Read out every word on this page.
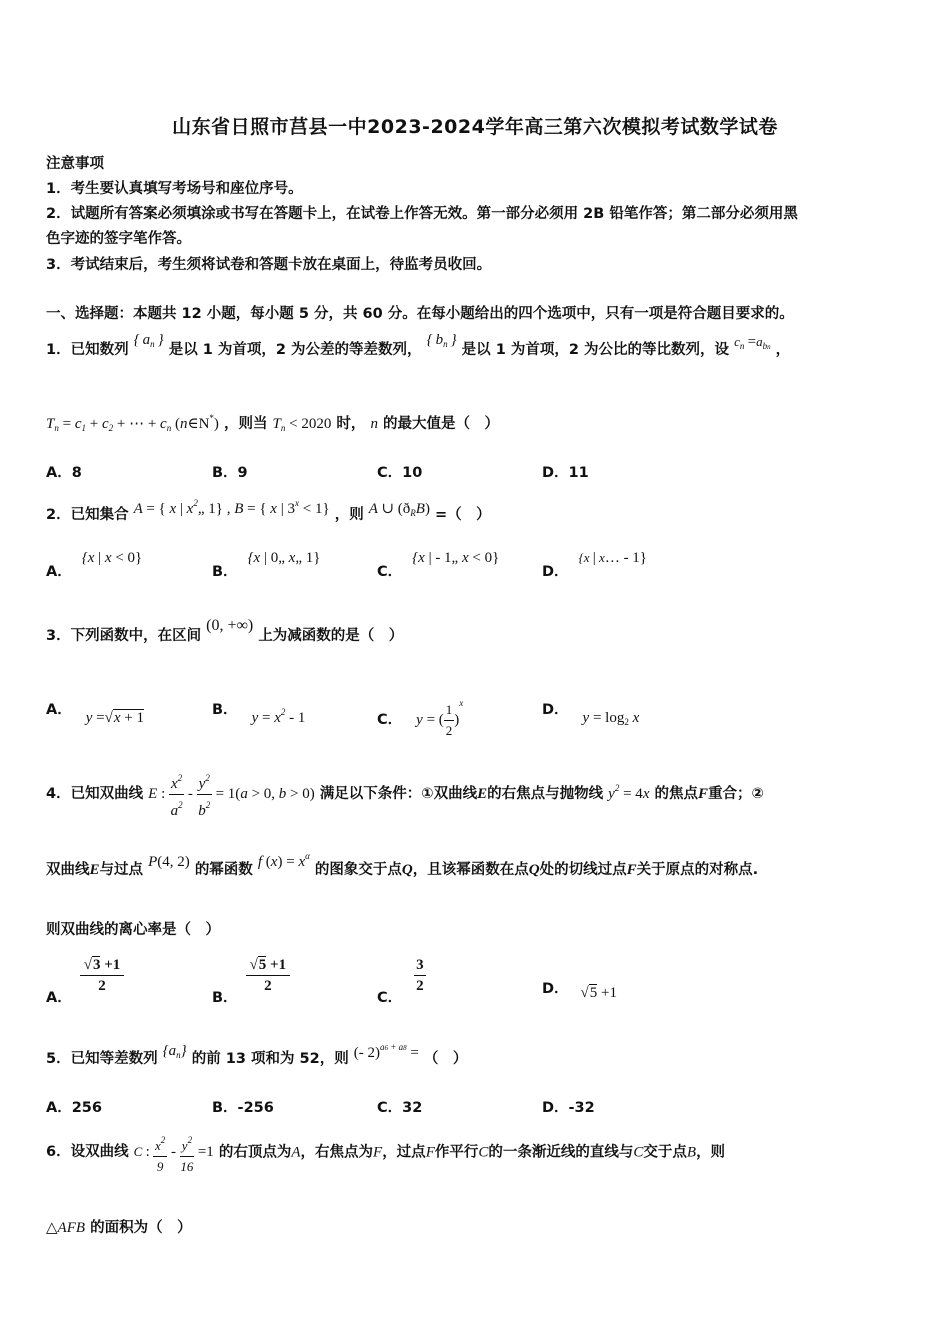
山东省日照市莒县一中2023-2024学年高三第六次模拟考试数学试卷
注意事项
1．考生要认真填写考场号和座位序号。
2．试题所有答案必须填涂或书写在答题卡上，在试卷上作答无效。第一部分必须用 2B 铅笔作答；第二部分必须用黑
色字迹的签字笔作答。
3．考试结束后，考生须将试卷和答题卡放在桌面上，待监考员收回。
一、选择题：本题共 12 小题，每小题 5 分，共 60 分。在每小题给出的四个选项中，只有一项是符合题目要求的。
1．已知数列 { $a_n$ } 是以 1 为首项，2 为公差的等差数列， { $b_n$ } 是以 1 为首项，2 为公比的等比数列，设 $c_n =a_{bn}$ ，
$T_n = c_1 + c_2$ + ⋯ + $c_n$ (n∈N*) ，则当 $T_n < 2020$ 时， n 的最大值是（　）
A．8	B．9	C．10	D．11
2．已知集合 A = { x | $x^2„$ 1} , B = { x | $3^x < 1$} ，则 A ∪ $(ð_RB)$ =（　）
A．{x | x < 0}
B．{x | 0„ x„ 1}
C．{x | - 1„ x < 0}
D．{x | x… - 1}
3．下列函数中，在区间 (0, +∞) 上为减函数的是（　）
A． y =√x + 1	B． $y = x^2 - 1$	C． y = ( $\frac{1}{2} )^x$	D． $y = \log_2 x$
4．已知双曲线 E : $\frac{x^2}{a^2} - \frac{y^2}{b^2} = 1(a > 0$, b > 0) 满足以下条件：①双曲线E的右焦点与抛物线 $y^2 = 4x$ 的焦点F重合；②
双曲线E与过点 P(4, 2) 的幂函数 f $(x) = x^\alpha$ 的图象交于点Q，且该幂函数在点Q处的切线过点F关于原点的对称点.
则双曲线的离心率是（　）
A．
$\frac{√3 +1}{2}$
B．
$\frac{√5 +1}{2}$
C．
$\frac{3}{2}$	D． √5 +1
5．已知等差数列 $\{a_n\}$ 的前 13 项和为 52，则 (- 2)$^{a6 + a8}$ = （　）
A．256	B．-256	C．32	D．-32
6．设双曲线 C : $\frac{x^2}{9} - \frac{y^2}{16} =1$ 的右顶点为A，右焦点为F，过点F作平行C的一条渐近线的直线与C交于点B，则
△AFB 的面积为（　）
